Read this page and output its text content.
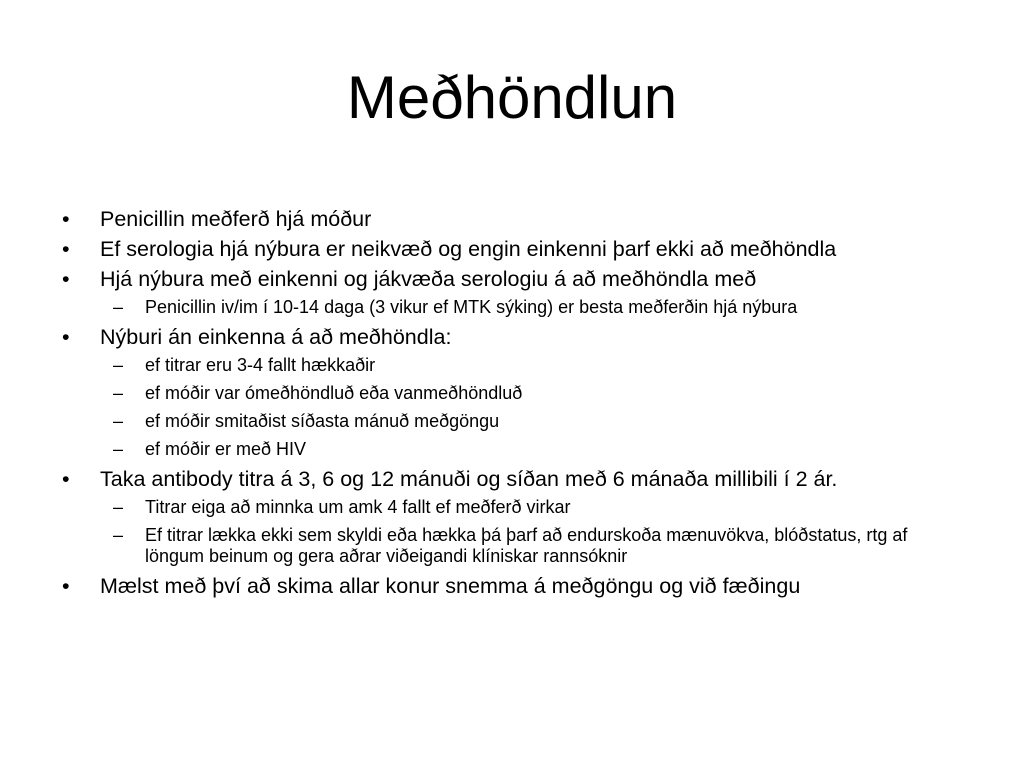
Meðhöndlun
•	Penicillin meðferð hjá móður
•	Ef serologia hjá nýbura er neikvæð og engin einkenni þarf ekki að meðhöndla
•	Hjá nýbura með einkenni og jákvæða serologiu á að meðhöndla með
–	Penicillin iv/im í 10-14 daga (3 vikur ef MTK sýking) er besta meðferðin hjá nýbura
•	Nýburi án einkenna á að meðhöndla:
–	ef titrar eru 3-4 fallt hækkaðir
–	ef móðir var ómeðhöndluð eða vanmeðhöndluð
–	ef móðir smitaðist síðasta mánuð meðgöngu
–	ef móðir er með HIV
•	Taka antibody titra á 3, 6 og 12 mánuði og síðan með 6 mánaða millibili í 2 ár.
–	Titrar eiga að minnka um amk 4 fallt ef meðferð virkar
–	Ef titrar lækka ekki sem skyldi eða hækka þá þarf að endurskoða mænuvökva, blóðstatus, rtg af löngum beinum og gera aðrar viðeigandi klíniskar rannsóknir
•	Mælst með því að skima allar konur snemma á meðgöngu og við fæðingu
